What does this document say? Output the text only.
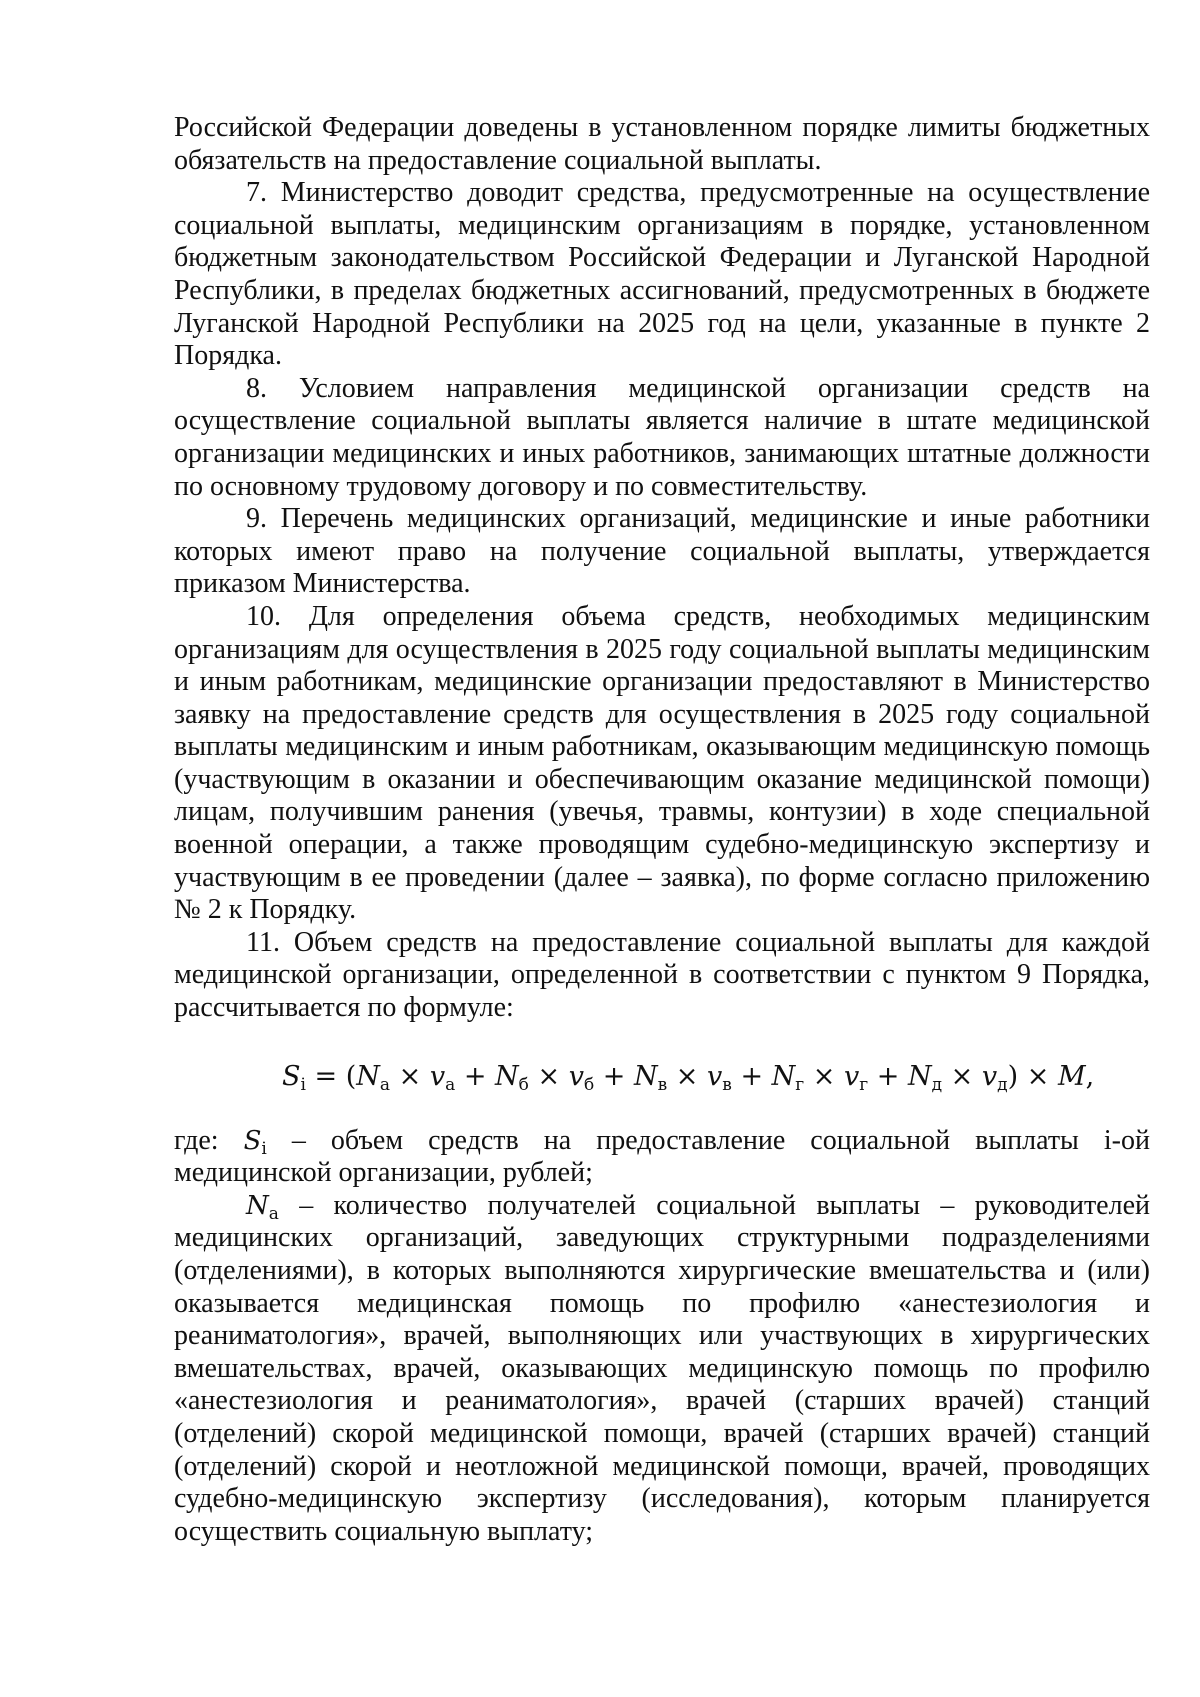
Российской Федерации доведены в установленном порядке лимиты бюджетных обязательств на предоставление социальной выплаты.

7. Министерство доводит средства, предусмотренные на осуществление социальной выплаты, медицинским организациям в порядке, установленном бюджетным законодательством Российской Федерации и Луганской Народной Республики, в пределах бюджетных ассигнований, предусмотренных в бюджете Луганской Народной Республики на 2025 год на цели, указанные в пункте 2 Порядка.

8. Условием направления медицинской организации средств на осуществление социальной выплаты является наличие в штате медицинской организации медицинских и иных работников, занимающих штатные должности по основному трудовому договору и по совместительству.

9. Перечень медицинских организаций, медицинские и иные работники которых имеют право на получение социальной выплаты, утверждается приказом Министерства.

10. Для определения объема средств, необходимых медицинским организациям для осуществления в 2025 году социальной выплаты медицинским и иным работникам, медицинские организации предоставляют в Министерство заявку на предоставление средств для осуществления в 2025 году социальной выплаты медицинским и иным работникам, оказывающим медицинскую помощь (участвующим в оказании и обеспечивающим оказание медицинской помощи) лицам, получившим ранения (увечья, травмы, контузии) в ходе специальной военной операции, а также проводящим судебно-медицинскую экспертизу и участвующим в ее проведении (далее – заявка), по форме согласно приложению № 2 к Порядку.

11. Объем средств на предоставление социальной выплаты для каждой медицинской организации, определенной в соответствии с пунктом 9 Порядка, рассчитывается по формуле:

$S_i = (N_а \times v_а + N_б \times v_б + N_в \times v_в + N_г \times v_г + N_д \times v_д) \times M$,

где: $S_i$ – объем средств на предоставление социальной выплаты i-ой медицинской организации, рублей;

$N_а$ – количество получателей социальной выплаты – руководителей медицинских организаций, заведующих структурными подразделениями (отделениями), в которых выполняются хирургические вмешательства и (или) оказывается медицинская помощь по профилю «анестезиология и реаниматология», врачей, выполняющих или участвующих в хирургических вмешательствах, врачей, оказывающих медицинскую помощь по профилю «анестезиология и реаниматология», врачей (старших врачей) станций (отделений) скорой медицинской помощи, врачей (старших врачей) станций (отделений) скорой и неотложной медицинской помощи, врачей, проводящих судебно-медицинскую экспертизу (исследования), которым планируется осуществить социальную выплату;
